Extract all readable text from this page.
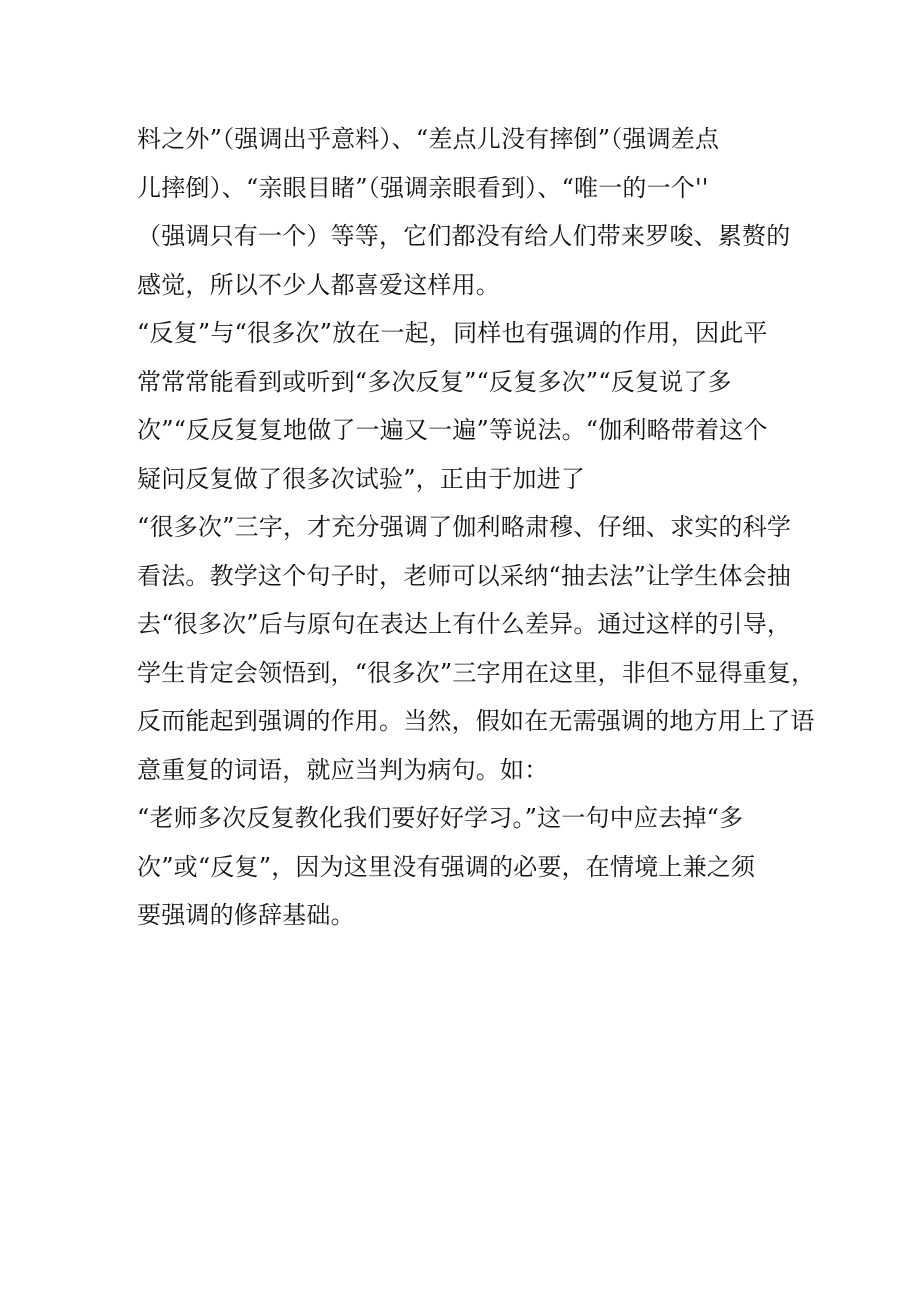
料之外”（强调出乎意料）、“差点儿没有摔倒”（强调差点
儿摔倒）、“亲眼目睹”（强调亲眼看到）、“唯一的一个''
（强调只有一个）等等，它们都没有给人们带来罗唆、累赘的
感觉，所以不少人都喜爱这样用。
“反复”与“很多次”放在一起，同样也有强调的作用，因此平
常常常能看到或听到“多次反复”“反复多次”“反复说了多
次”“反反复复地做了一遍又一遍”等说法。“伽利略带着这个
疑问反复做了很多次试验”，正由于加进了
“很多次”三字，才充分强调了伽利略肃穆、仔细、求实的科学
看法。教学这个句子时，老师可以采纳“抽去法”让学生体会抽
去“很多次”后与原句在表达上有什么差异。通过这样的引导，
学生肯定会领悟到，“很多次”三字用在这里，非但不显得重复，
反而能起到强调的作用。当然，假如在无需强调的地方用上了语
意重复的词语，就应当判为病句。如：
“老师多次反复教化我们要好好学习。”这一句中应去掉“多
次”或“反复”，因为这里没有强调的必要，在情境上兼之须
要强调的修辞基础。
